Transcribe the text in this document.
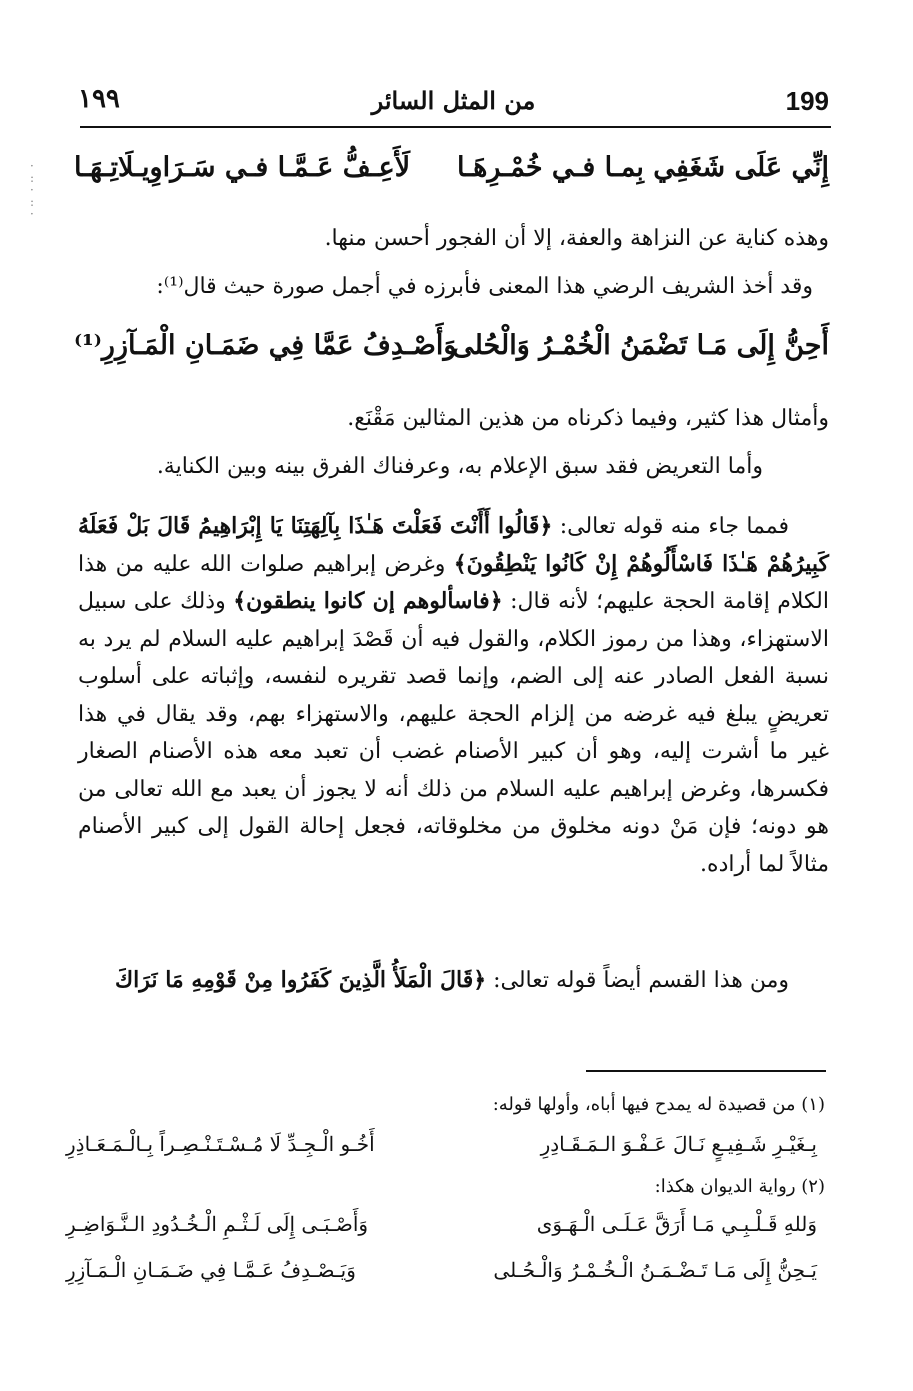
·
:
·
:
·
199
من المثل السائر
١٩٩
إِنِّي عَلَى شَغَفِي بِمـا فـي خُمْـرِهَـا
لَأَعِـفُّ عَـمَّـا فـي سَـرَاوِيـلَاتِـهَـا
وهذه كناية عن النزاهة والعفة، إلا أن الفجور أحسن منها.
وقد أخذ الشريف الرضي هذا المعنى فأبرزه في أجمل صورة حيث قال⁽¹⁾:
أَحِنُّ إِلَى مَـا تَضْمَنُ الْخُمْـرُ وَالْحُلى
وَأَصْـدِفُ عَمَّا فِي ضَمَـانِ الْمَـآزِرِ⁽¹⁾
وأمثال هذا كثير، وفيما ذكرناه من هذين المثالين مَقْنَع.
وأما التعريض فقد سبق الإعلام به، وعرفناك الفرق بينه وبين الكناية.
فمما جاء منه قوله تعالى: ﴿قَالُوا أَأَنْتَ فَعَلْتَ هَـٰذَا بِآلِهَتِنَا يَا إِبْرَاهِيمُ قَالَ بَلْ فَعَلَهُ كَبِيرُهُمْ هَـٰذَا فَاسْأَلُوهُمْ إِنْ كَانُوا يَنْطِقُونَ﴾ وغرض إبراهيم صلوات الله عليه من هذا الكلام إقامة الحجة عليهم؛ لأنه قال: ﴿فاسألوهم إن كانوا ينطقون﴾ وذلك على سبيل الاستهزاء، وهذا من رموز الكلام، والقول فيه أن قَصْدَ إبراهيم عليه السلام لم يرد به نسبة الفعل الصادر عنه إلى الضم، وإنما قصد تقريره لنفسه، وإثباته على أسلوب تعريضٍ يبلغ فيه غرضه من إلزام الحجة عليهم، والاستهزاء بهم، وقد يقال في هذا غير ما أشرت إليه، وهو أن كبير الأصنام غضب أن تعبد معه هذه الأصنام الصغار فكسرها، وغرض إبراهيم عليه السلام من ذلك أنه لا يجوز أن يعبد مع الله تعالى من هو دونه؛ فإن مَنْ دونه مخلوق من مخلوقاته، فجعل إحالة القول إلى كبير الأصنام مثالاً لما أراده.
ومن هذا القسم أيضاً قوله تعالى: ﴿قَالَ الْمَلَأُ الَّذِينَ كَفَرُوا مِنْ قَوْمِهِ مَا نَرَاكَ
(١) من قصيدة له يمدح فيها أباه، وأولها قوله:
بِـغَيْـرِ شَـفِيـعٍ نَـالَ عَـفْـوَ الـمَـقَـادِرِ
أَخُـو الْـجِـدِّ لَا مُـسْـتَـنْـصِـراً بِـالْـمَـعَـاذِرِ
(٢) رواية الديوان هكذا:
وَللهِ قَـلْـبِـي مَـا أَرَقَّ عَـلَـى الْـهَـوَى
وَأَصْـبَـى إِلَى لَـثْـمِ الْـخُـدُودِ الـنَّـوَاضِـرِ
يَـحِنُّ إِلَى مَـا تَـضْـمَـنُ الْـخُـمْـرُ وَالْـحُـلى
وَيَـصْـدِفُ عَـمَّـا فِي ضَـمَـانِ الْـمَـآزِرِ
